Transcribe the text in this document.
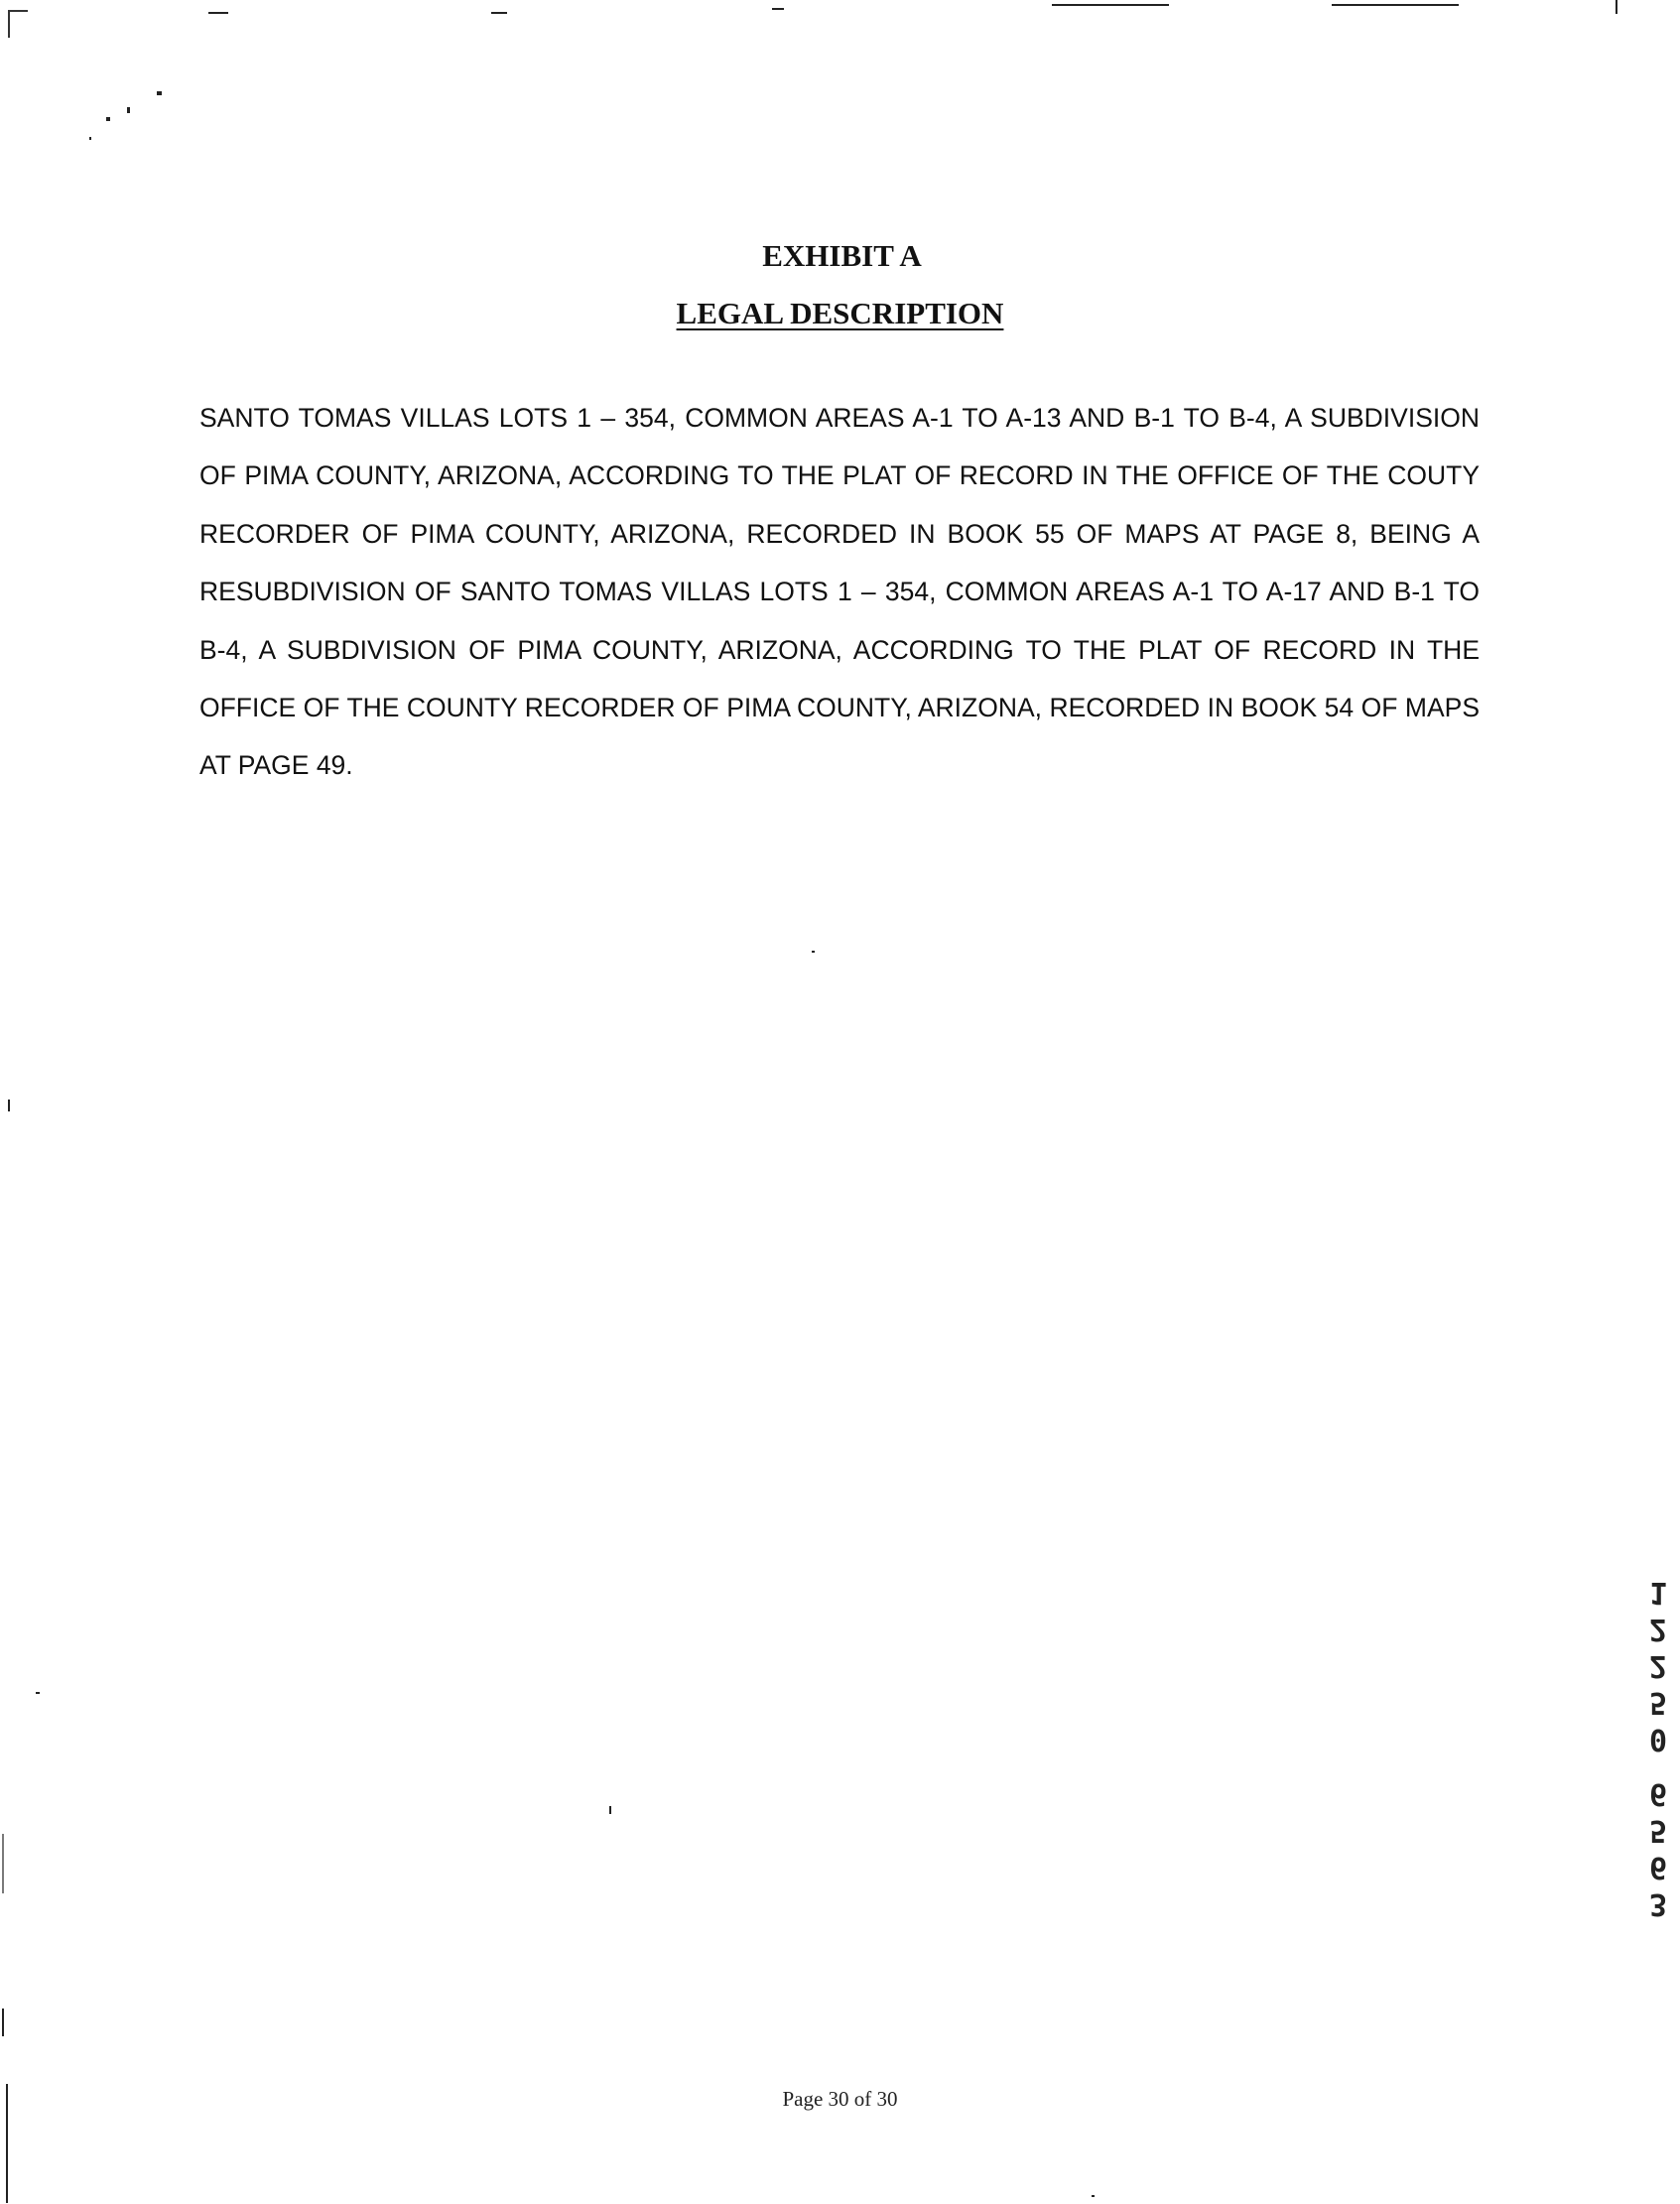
EXHIBIT A
LEGAL DESCRIPTION
SANTO TOMAS VILLAS LOTS 1 – 354, COMMON AREAS A-1 TO A-13 AND B-1 TO B-4, A SUBDIVISION OF PIMA COUNTY, ARIZONA, ACCORDING TO THE PLAT OF RECORD IN THE OFFICE OF THE COUTY RECORDER OF PIMA COUNTY, ARIZONA, RECORDED IN BOOK 55 OF MAPS AT PAGE 8, BEING A RESUBDIVISION OF SANTO TOMAS VILLAS LOTS 1 – 354, COMMON AREAS A-1 TO A-17 AND B-1 TO B-4, A SUBDIVISION OF PIMA COUNTY, ARIZONA, ACCORDING TO THE PLAT OF RECORD IN THE OFFICE OF THE COUNTY RECORDER OF PIMA COUNTY, ARIZONA, RECORDED IN BOOK 54 OF MAPS AT PAGE 49.
Page 30 of 30
1
2
2
5
0
6
5
6
3
